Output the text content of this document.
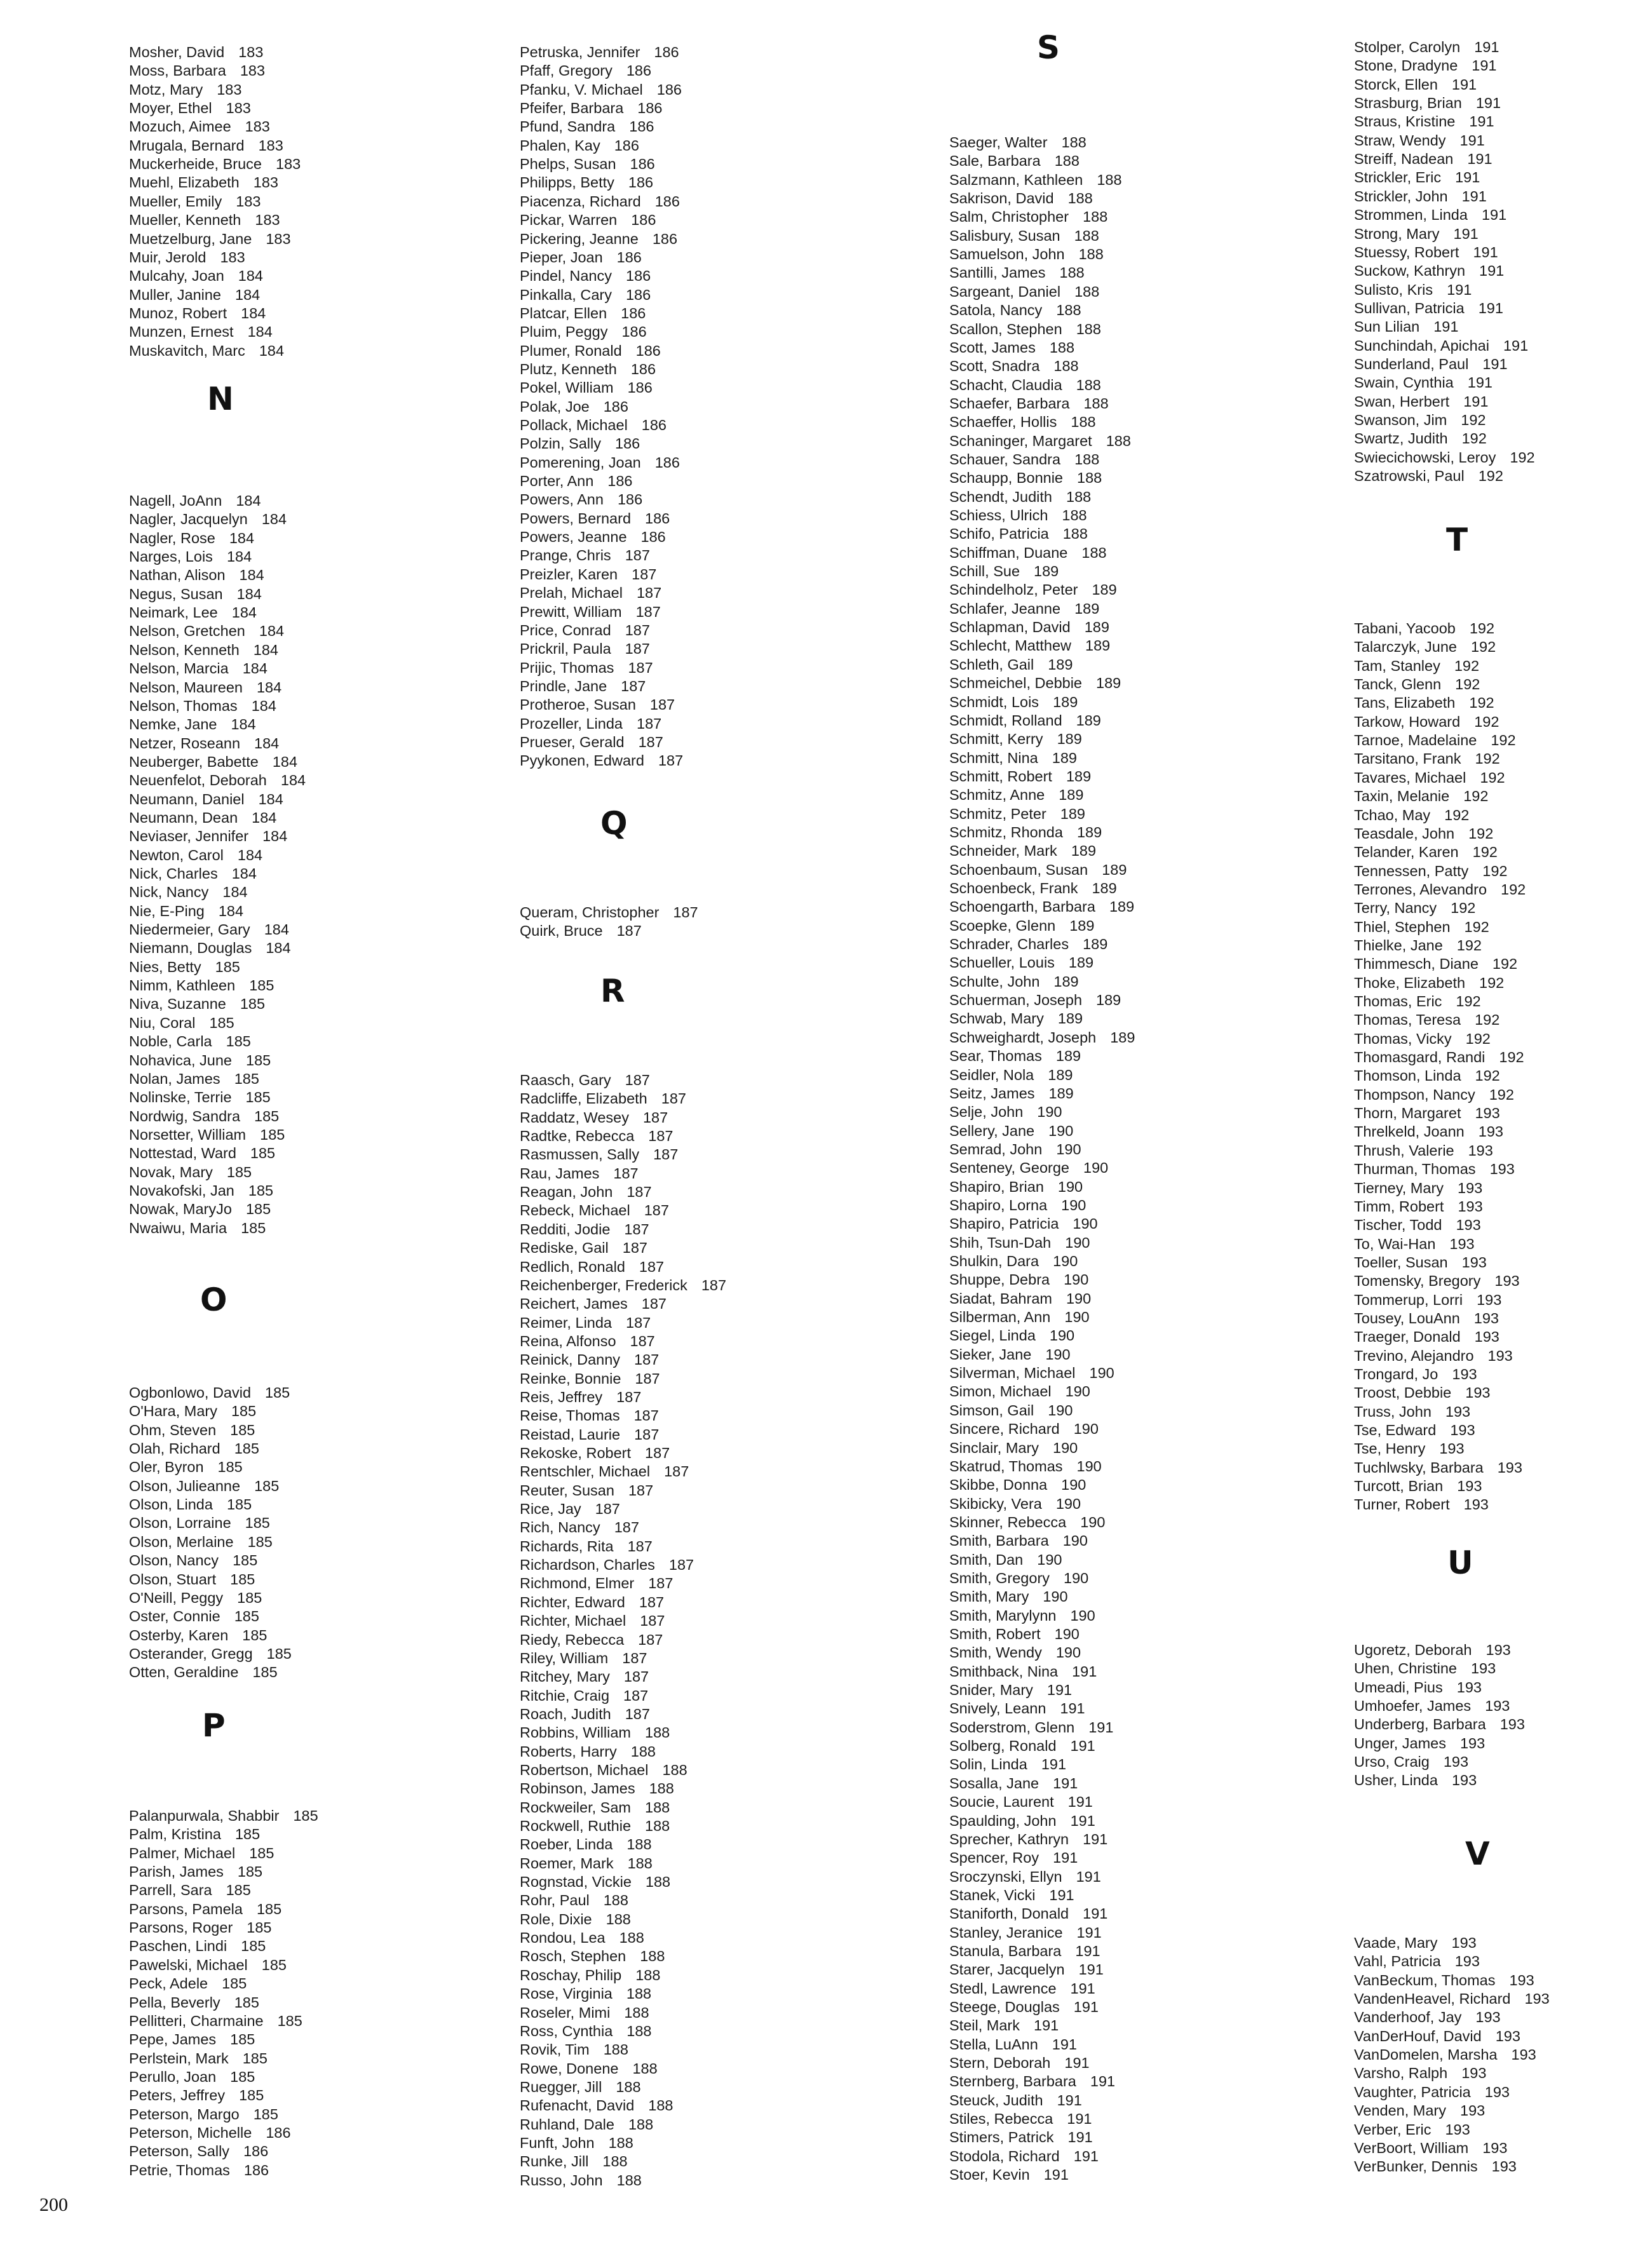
Mosher, David 183
Moss, Barbara 183
Motz, Mary 183
Moyer, Ethel 183
Mozuch, Aimee 183
Mrugala, Bernard 183
Muckerheide, Bruce 183
Muehl, Elizabeth 183
Mueller, Emily 183
Mueller, Kenneth 183
Muetzelburg, Jane 183
Muir, Jerold 183
Mulcahy, Joan 184
Muller, Janine 184
Munoz, Robert 184
Munzen, Ernest 184
Muskavitch, Marc 184
N
Nagell, JoAnn 184
Nagler, Jacquelyn 184
Nagler, Rose 184
Narges, Lois 184
Nathan, Alison 184
Negus, Susan 184
Neimark, Lee 184
Nelson, Gretchen 184
Nelson, Kenneth 184
Nelson, Marcia 184
Nelson, Maureen 184
Nelson, Thomas 184
Nemke, Jane 184
Netzer, Roseann 184
Neuberger, Babette 184
Neuenfelot, Deborah 184
Neumann, Daniel 184
Neumann, Dean 184
Neviaser, Jennifer 184
Newton, Carol 184
Nick, Charles 184
Nick, Nancy 184
Nie, E-Ping 184
Niedermeier, Gary 184
Niemann, Douglas 184
Nies, Betty 185
Nimm, Kathleen 185
Niva, Suzanne 185
Niu, Coral 185
Noble, Carla 185
Nohavica, June 185
Nolan, James 185
Nolinske, Terrie 185
Nordwig, Sandra 185
Norsetter, William 185
Nottestad, Ward 185
Novak, Mary 185
Novakofski, Jan 185
Nowak, MaryJo 185
Nwaiwu, Maria 185
O
Ogbonlowo, David 185
O'Hara, Mary 185
Ohm, Steven 185
Olah, Richard 185
Oler, Byron 185
Olson, Julieanne 185
Olson, Linda 185
Olson, Lorraine 185
Olson, Merlaine 185
Olson, Nancy 185
Olson, Stuart 185
O'Neill, Peggy 185
Oster, Connie 185
Osterby, Karen 185
Osterander, Gregg 185
Otten, Geraldine 185
P
Palanpurwala, Shabbir 185
Palm, Kristina 185
Palmer, Michael 185
Parish, James 185
Parrell, Sara 185
Parsons, Pamela 185
Parsons, Roger 185
Paschen, Lindi 185
Pawelski, Michael 185
Peck, Adele 185
Pella, Beverly 185
Pellitteri, Charmaine 185
Pepe, James 185
Perlstein, Mark 185
Perullo, Joan 185
Peters, Jeffrey 185
Peterson, Margo 185
Peterson, Michelle 186
Peterson, Sally 186
Petrie, Thomas 186
Petruska, Jennifer 186
Pfaff, Gregory 186
Pfanku, V. Michael 186
Pfeifer, Barbara 186
Pfund, Sandra 186
Phalen, Kay 186
Phelps, Susan 186
Philipps, Betty 186
Piacenza, Richard 186
Pickar, Warren 186
Pickering, Jeanne 186
Pieper, Joan 186
Pindel, Nancy 186
Pinkalla, Cary 186
Platcar, Ellen 186
Pluim, Peggy 186
Plumer, Ronald 186
Plutz, Kenneth 186
Pokel, William 186
Polak, Joe 186
Pollack, Michael 186
Polzin, Sally 186
Pomerening, Joan 186
Porter, Ann 186
Powers, Ann 186
Powers, Bernard 186
Powers, Jeanne 186
Prange, Chris 187
Preizler, Karen 187
Prelah, Michael 187
Prewitt, William 187
Price, Conrad 187
Prickril, Paula 187
Prijic, Thomas 187
Prindle, Jane 187
Protheroe, Susan 187
Prozeller, Linda 187
Prueser, Gerald 187
Pyykonen, Edward 187
Q
Queram, Christopher 187
Quirk, Bruce 187
R
Raasch, Gary 187
Radcliffe, Elizabeth 187
Raddatz, Wesey 187
Radtke, Rebecca 187
Rasmussen, Sally 187
Rau, James 187
Reagan, John 187
Rebeck, Michael 187
Redditi, Jodie 187
Rediske, Gail 187
Redlich, Ronald 187
Reichenberger, Frederick 187
Reichert, James 187
Reimer, Linda 187
Reina, Alfonso 187
Reinick, Danny 187
Reinke, Bonnie 187
Reis, Jeffrey 187
Reise, Thomas 187
Reistad, Laurie 187
Rekoske, Robert 187
Rentschler, Michael 187
Reuter, Susan 187
Rice, Jay 187
Rich, Nancy 187
Richards, Rita 187
Richardson, Charles 187
Richmond, Elmer 187
Richter, Edward 187
Richter, Michael 187
Riedy, Rebecca 187
Riley, William 187
Ritchey, Mary 187
Ritchie, Craig 187
Roach, Judith 187
Robbins, William 188
Roberts, Harry 188
Robertson, Michael 188
Robinson, James 188
Rockweiler, Sam 188
Rockwell, Ruthie 188
Roeber, Linda 188
Roemer, Mark 188
Rognstad, Vickie 188
Rohr, Paul 188
Role, Dixie 188
Rondou, Lea 188
Rosch, Stephen 188
Roschay, Philip 188
Rose, Virginia 188
Roseler, Mimi 188
Ross, Cynthia 188
Rovik, Tim 188
Rowe, Donene 188
Ruegger, Jill 188
Rufenacht, David 188
Ruhland, Dale 188
Funft, John 188
Runke, Jill 188
Russo, John 188
S
Saeger, Walter 188
Sale, Barbara 188
Salzmann, Kathleen 188
Sakrison, David 188
Salm, Christopher 188
Salisbury, Susan 188
Samuelson, John 188
Santilli, James 188
Sargeant, Daniel 188
Satola, Nancy 188
Scallon, Stephen 188
Scott, James 188
Scott, Snadra 188
Schacht, Claudia 188
Schaefer, Barbara 188
Schaeffer, Hollis 188
Schaninger, Margaret 188
Schauer, Sandra 188
Schaupp, Bonnie 188
Schendt, Judith 188
Schiess, Ulrich 188
Schifo, Patricia 188
Schiffman, Duane 188
Schill, Sue 189
Schindelholz, Peter 189
Schlafer, Jeanne 189
Schlapman, David 189
Schlecht, Matthew 189
Schleth, Gail 189
Schmeichel, Debbie 189
Schmidt, Lois 189
Schmidt, Rolland 189
Schmitt, Kerry 189
Schmitt, Nina 189
Schmitt, Robert 189
Schmitz, Anne 189
Schmitz, Peter 189
Schmitz, Rhonda 189
Schneider, Mark 189
Schoenbaum, Susan 189
Schoenbeck, Frank 189
Schoengarth, Barbara 189
Scoepke, Glenn 189
Schrader, Charles 189
Schueller, Louis 189
Schulte, John 189
Schuerman, Joseph 189
Schwab, Mary 189
Schweighardt, Joseph 189
Sear, Thomas 189
Seidler, Nola 189
Seitz, James 189
Selje, John 190
Sellery, Jane 190
Semrad, John 190
Senteney, George 190
Shapiro, Brian 190
Shapiro, Lorna 190
Shapiro, Patricia 190
Shih, Tsun-Dah 190
Shulkin, Dara 190
Shuppe, Debra 190
Siadat, Bahram 190
Silberman, Ann 190
Siegel, Linda 190
Sieker, Jane 190
Silverman, Michael 190
Simon, Michael 190
Simson, Gail 190
Sincere, Richard 190
Sinclair, Mary 190
Skatrud, Thomas 190
Skibbe, Donna 190
Skibicky, Vera 190
Skinner, Rebecca 190
Smith, Barbara 190
Smith, Dan 190
Smith, Gregory 190
Smith, Mary 190
Smith, Marylynn 190
Smith, Robert 190
Smith, Wendy 190
Smithback, Nina 191
Snider, Mary 191
Snively, Leann 191
Soderstrom, Glenn 191
Solberg, Ronald 191
Solin, Linda 191
Sosalla, Jane 191
Soucie, Laurent 191
Spaulding, John 191
Sprecher, Kathryn 191
Spencer, Roy 191
Sroczynski, Ellyn 191
Stanek, Vicki 191
Staniforth, Donald 191
Stanley, Jeranice 191
Stanula, Barbara 191
Starer, Jacquelyn 191
Stedl, Lawrence 191
Steege, Douglas 191
Steil, Mark 191
Stella, LuAnn 191
Stern, Deborah 191
Sternberg, Barbara 191
Steuck, Judith 191
Stiles, Rebecca 191
Stimers, Patrick 191
Stodola, Richard 191
Stoer, Kevin 191
Stolper, Carolyn 191
Stone, Dradyne 191
Storck, Ellen 191
Strasburg, Brian 191
Straus, Kristine 191
Straw, Wendy 191
Streiff, Nadean 191
Strickler, Eric 191
Strickler, John 191
Strommen, Linda 191
Strong, Mary 191
Stuessy, Robert 191
Suckow, Kathryn 191
Sulisto, Kris 191
Sullivan, Patricia 191
Sun Lilian 191
Sunchindah, Apichai 191
Sunderland, Paul 191
Swain, Cynthia 191
Swan, Herbert 191
Swanson, Jim 192
Swartz, Judith 192
Swiecichowski, Leroy 192
Szatrowski, Paul 192
T
Tabani, Yacoob 192
Talarczyk, June 192
Tam, Stanley 192
Tanck, Glenn 192
Tans, Elizabeth 192
Tarkow, Howard 192
Tarnoe, Madelaine 192
Tarsitano, Frank 192
Tavares, Michael 192
Taxin, Melanie 192
Tchao, May 192
Teasdale, John 192
Telander, Karen 192
Tennessen, Patty 192
Terrones, Alevandro 192
Terry, Nancy 192
Thiel, Stephen 192
Thielke, Jane 192
Thimmesch, Diane 192
Thoke, Elizabeth 192
Thomas, Eric 192
Thomas, Teresa 192
Thomas, Vicky 192
Thomasgard, Randi 192
Thomson, Linda 192
Thompson, Nancy 192
Thorn, Margaret 193
Threlkeld, Joann 193
Thrush, Valerie 193
Thurman, Thomas 193
Tierney, Mary 193
Timm, Robert 193
Tischer, Todd 193
To, Wai-Han 193
Toeller, Susan 193
Tomensky, Bregory 193
Tommerup, Lorri 193
Tousey, LouAnn 193
Traeger, Donald 193
Trevino, Alejandro 193
Trongard, Jo 193
Troost, Debbie 193
Truss, John 193
Tse, Edward 193
Tse, Henry 193
Tuchlwsky, Barbara 193
Turcott, Brian 193
Turner, Robert 193
U
Ugoretz, Deborah 193
Uhen, Christine 193
Umeadi, Pius 193
Umhoefer, James 193
Underberg, Barbara 193
Unger, James 193
Urso, Craig 193
Usher, Linda 193
V
Vaade, Mary 193
Vahl, Patricia 193
VanBeckum, Thomas 193
VandenHeavel, Richard 193
Vanderhoof, Jay 193
VanDerHouf, David 193
VanDomelen, Marsha 193
Varsho, Ralph 193
Vaughter, Patricia 193
Venden, Mary 193
Verber, Eric 193
VerBoort, William 193
VerBunker, Dennis 193
200
